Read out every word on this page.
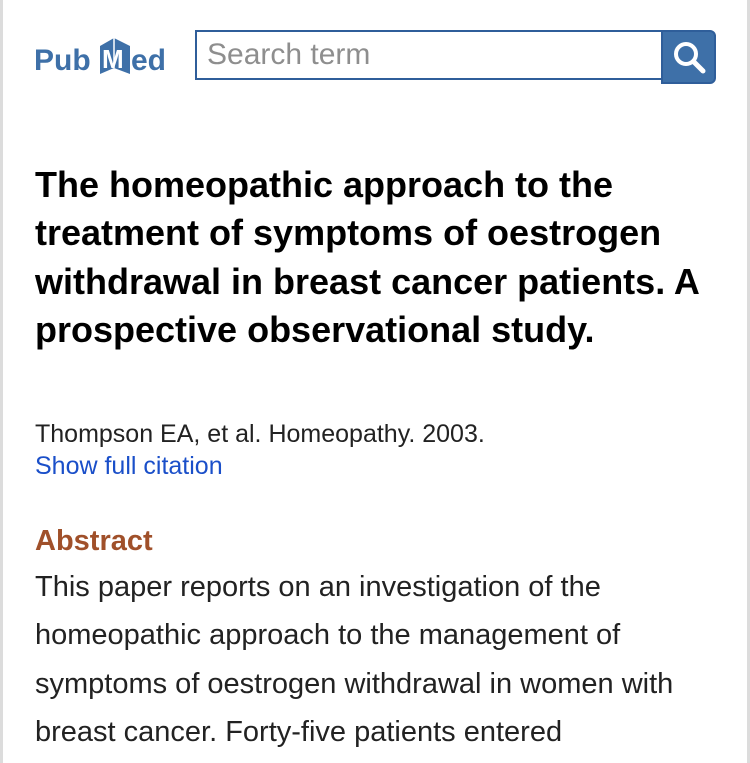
Pub M ed
Search term
The homeopathic approach to the treatment of symptoms of oestrogen withdrawal in breast cancer patients. A prospective observational study.
Thompson EA, et al. Homeopathy. 2003.
Show full citation
Abstract

This paper reports on an investigation of the homeopathic approach to the management of symptoms of oestrogen withdrawal in women with breast cancer. Forty-five patients entered
